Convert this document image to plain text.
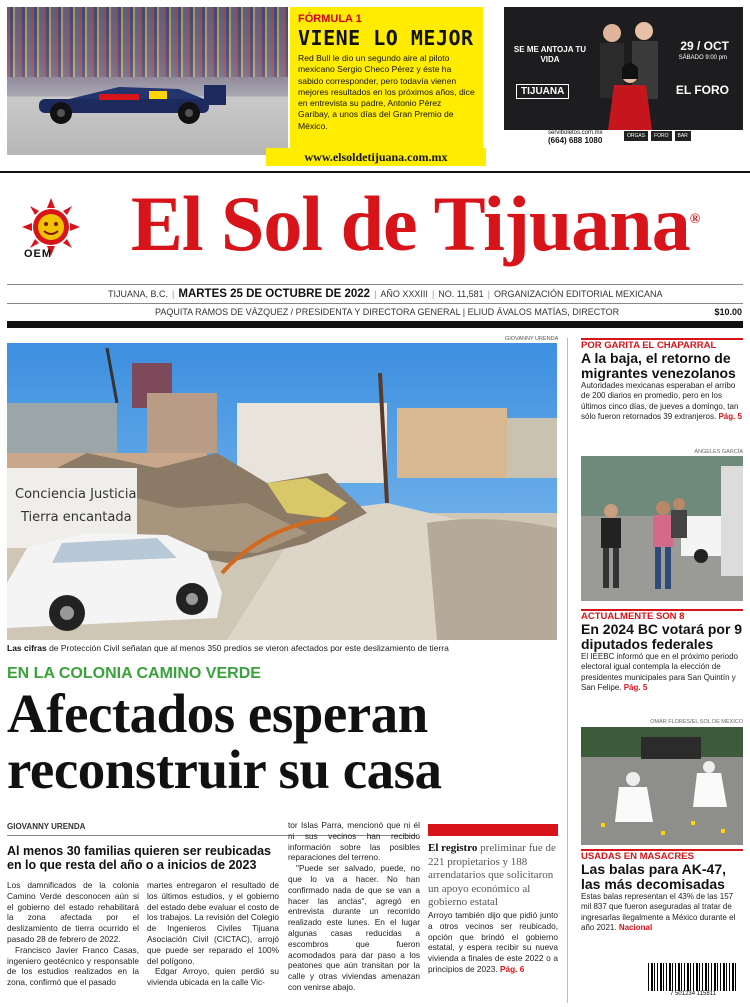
FÓRMULA 1
VIENE LO MEJOR
Red Bull le dio un segundo aire al piloto mexicano Sergio Checo Pérez y éste ha sabido corresponder, pero todavía vienen mejores resultados en los próximos años, dice en entrevista su padre, Antonio Pérez Garibay, a unos días del Gran Premio de México.
www.elsoldetijuana.com.mx
SE ME ANTOJA TU VIDA
TIJUANA
29 / OCT
SÁBADO 9:00 pm
EL FORO
serviboletos.com.mx
(664) 688 1080	ORGAS	FORO	BAR
OEM	El Sol de Tijuana®
TIJUANA, B.C. | MARTES 25 DE OCTUBRE DE 2022 | AÑO XXXIII | NO. 11,581 | ORGANIZACIÓN EDITORIAL MEXICANA
PAQUITA RAMOS DE VÁZQUEZ / PRESIDENTA Y DIRECTORA GENERAL | ELIUD ÁVALOS MATÍAS, DIRECTOR	$10.00
GIOVANNY URENDA
Conciencia Justicia
Tierra encantada
Las cifras de Protección Civil señalan que al menos 350 predios se vieron afectados por este deslizamiento de tierra
EN LA COLONIA CAMINO VERDE
Afectados esperan reconstruir su casa
GIOVANNY URENDA
Al menos 30 familias quieren ser reubicadas en lo que resta del año o a inicios de 2023
Los damnificados de la colonia Camino Verde desconocen aún si el gobierno del estado rehabilitará la zona afectada por el deslizamiento de tierra ocurrido el pasado 28 de febrero de 2022.
Francisco Javier Franco Casas, ingeniero geotécnico y responsable de los estudios realizados en la zona, confirmó que el pasado
martes entregaron el resultado de los últimos estudios, y el gobierno del estado debe evaluar el costo de los trabajos. La revisión del Colegio de Ingenieros Civiles Tijuana Asociación Civil (CICTAC), arrojó que puede ser reparado el 100% del polígono.
Edgar Arroyo, quien perdió su vivienda ubicada en la calle Vic-
tor Islas Parra, mencionó que ni él ni sus vecinos han recibido información sobre las posibles reparaciones del terreno.
"Puede ser salvado, puede, no que lo va a hacer. No han confirmado nada de que se van a hacer las anclas", agregó en entrevista durante un recorrido realizado este lunes. En el lugar algunas casas reducidas a escombros que fueron acomodados para dar paso a los peatones que aún transitan por la calle y otras viviendas amenazan con venirse abajo.
El registro preliminar fue de 221 propietarios y 188 arrendatarios que solicitaron un apoyo económico al gobierno estatal
Arroyo también dijo que pidió junto a otros vecinos ser reubicado, opción que brindó el gobierno estatal, y espera recibir su nueva vivienda a finales de este 2022 o a principios de 2023. Pág. 6
POR GARITA EL CHAPARRAL
A la baja, el retorno de migrantes venezolanos
Autoridades mexicanas esperaban el arribo de 200 diarios en promedio, pero en los últimos cinco días, de jueves a domingo, tan sólo fueron retornados 39 extranjeros. Pág. 5
ÁNGELES GARCÍA
ACTUALMENTE SON 8
En 2024 BC votará por 9 diputados federales
El IEEBC informó que en el próximo periodo electoral igual contempla la elección de presidentes municipales para San Quintín y San Felipe. Pág. 5
OMAR FLORES/EL SOL DE MÉXICO
USADAS EN MASACRES
Las balas para AK-47, las más decomisadas
Estas balas representan el 43% de las 157 mil 837 que fueron aseguradas al tratar de ingresarlas ilegalmente a México durante el año 2021. Nacional
7 501234 115811
